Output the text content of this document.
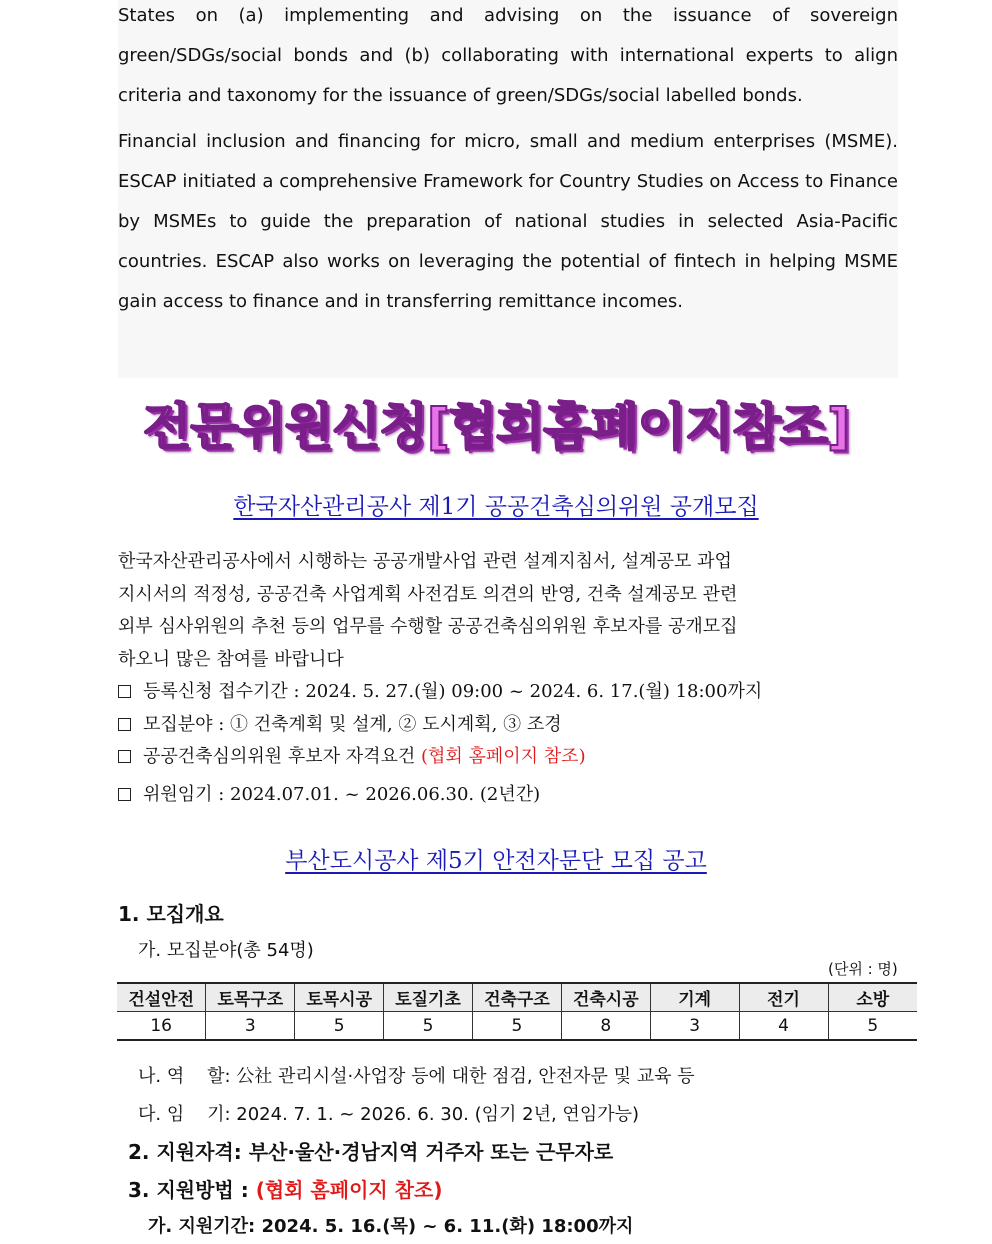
States on (a) implementing and advising on the issuance of sovereign green/SDGs/social bonds and (b) collaborating with international experts to align criteria and taxonomy for the issuance of green/SDGs/social labelled bonds.

Financial inclusion and financing for micro, small and medium enterprises (MSME). ESCAP initiated a comprehensive Framework for Country Studies on Access to Finance by MSMEs to guide the preparation of national studies in selected Asia-Pacific countries. ESCAP also works on leveraging the potential of fintech in helping MSME gain access to finance and in transferring remittance incomes.

전문위원신청[협회홈페이지참조]
한국자산관리공사 제1기 공공건축심의위원 공개모집
한국자산관리공사에서 시행하는 공공개발사업 관련 설계지침서, 설계공모 과업
지시서의 적정성, 공공건축 사업계획 사전검토 의견의 반영, 건축 설계공모 관련
외부 심사위원의 추천 등의 업무를 수행할 공공건축심의위원 후보자를 공개모집
하오니 많은 참여를 바랍니다
등록신청 접수기간 : 2024. 5. 27.(월) 09:00 ~ 2024. 6. 17.(월) 18:00까지
모집분야 : ① 건축계획 및 설계, ② 도시계획, ③ 조경
공공건축심의위원 후보자 자격요건 (협회 홈페이지 참조)
위원임기 : 2024.07.01. ~ 2026.06.30. (2년간)
부산도시공사 제5기 안전자문단 모집 공고
1. 모집개요
가. 모집분야(총 54명)
(단위 : 명)
건설안전	토목구조	토목시공	토질기초	건축구조	건축시공	기계	전기	소방
16	3	5	5	5	8	3	4	5
나. 역    할: 公社 관리시설·사업장 등에 대한 점검, 안전자문 및 교육 등
다. 임    기: 2024. 7. 1. ~ 2026. 6. 30. (임기 2년, 연임가능)
2. 지원자격: 부산·울산·경남지역 거주자 또는 근무자로
3. 지원방법 : (협회 홈페이지 참조)
가. 지원기간: 2024. 5. 16.(목) ~ 6. 11.(화) 18:00까지
